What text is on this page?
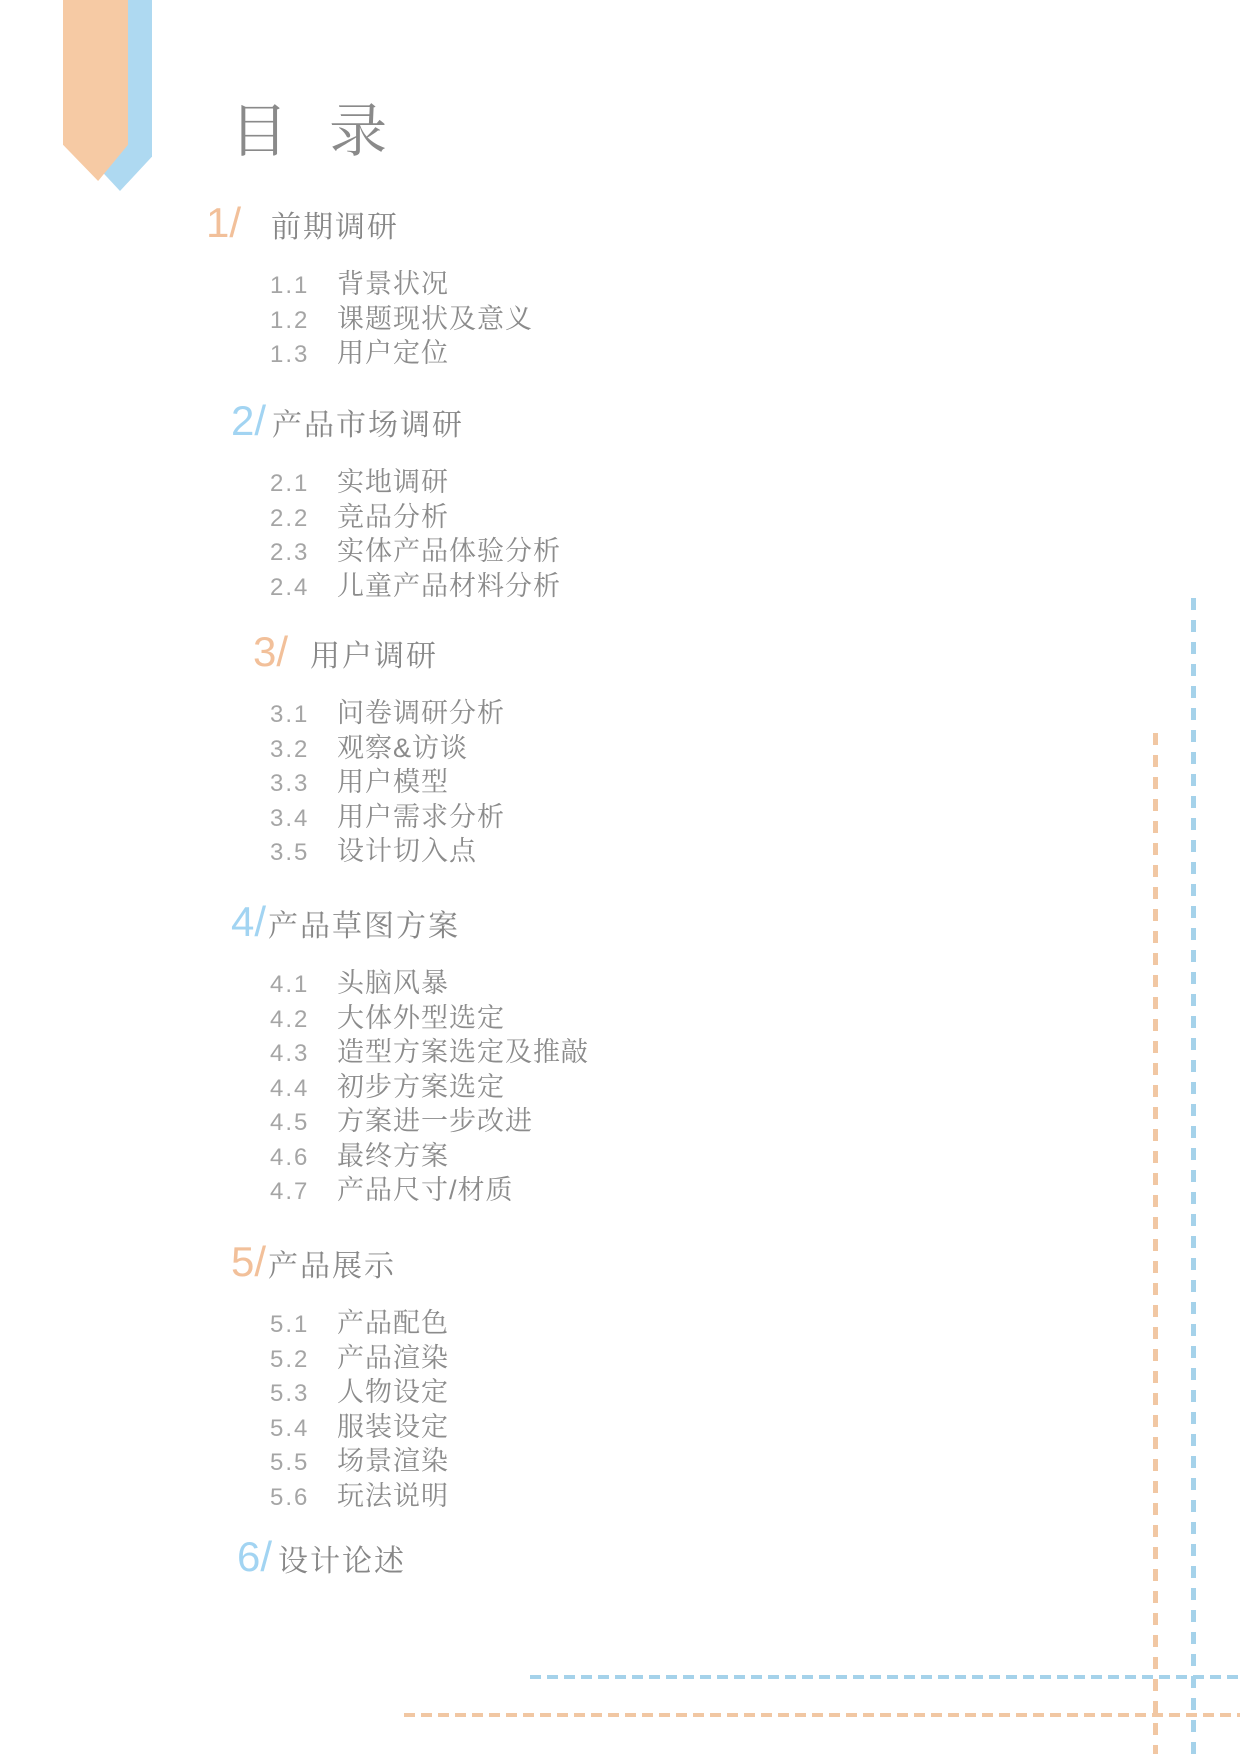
目 录
1/ 前期调研
1.1	背景状况
1.2	课题现状及意义
1.3	用户定位
2/ 产品市场调研
2.1	实地调研
2.2	竞品分析
2.3	实体产品体验分析
2.4	儿童产品材料分析
3/ 用户调研
3.1	问卷调研分析
3.2	观察&访谈
3.3	用户模型
3.4	用户需求分析
3.5	设计切入点
4/ 产品草图方案
4.1	头脑风暴
4.2	大体外型选定
4.3	造型方案选定及推敲
4.4	初步方案选定
4.5	方案进一步改进
4.6	最终方案
4.7	产品尺寸/材质
5/ 产品展示
5.1	产品配色
5.2	产品渲染
5.3	人物设定
5.4	服装设定
5.5	场景渲染
5.6	玩法说明
6/ 设计论述
